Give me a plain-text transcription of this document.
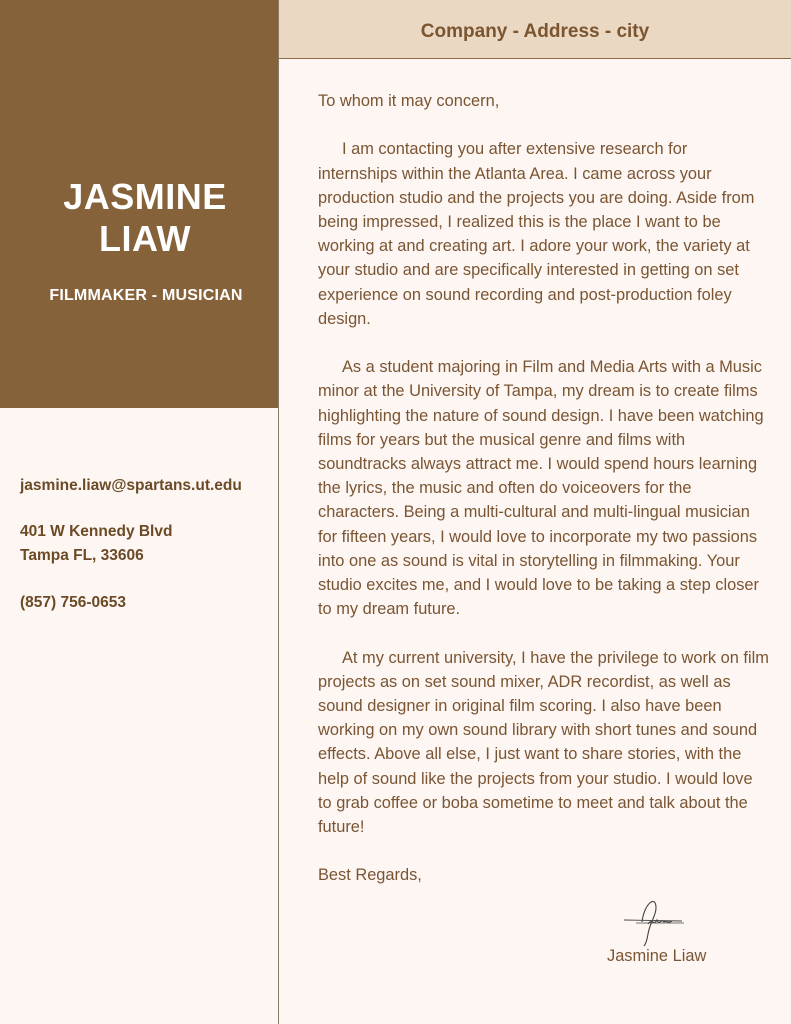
JASMINE
LIAW
FILMMAKER - MUSICIAN
Company - Address - city
jasmine.liaw@spartans.ut.edu
401 W Kennedy Blvd
Tampa FL, 33606
(857) 756-0653

To whom it may concern,

I am contacting you after extensive research for internships within the Atlanta Area. I came across your production studio and the projects you are doing. Aside from being impressed, I realized this is the place I want to be working at and creating art. I adore your work, the variety at your studio and are specifically interested in getting on set experience on sound recording and post-production foley design.

As a student majoring in Film and Media Arts with a Music minor at the University of Tampa, my dream is to create films highlighting the nature of sound design. I have been watching films for years but the musical genre and films with soundtracks always attract me. I would spend hours learning the lyrics, the music and often do voiceovers for the characters. Being a multi-cultural and multi-lingual musician for fifteen years, I would love to incorporate my two passions into one as sound is vital in storytelling in filmmaking. Your studio excites me, and I would love to be taking a step closer to my dream future.

At my current university, I have the privilege to work on film projects as on set sound mixer, ADR recordist, as well as sound designer in original film scoring. I also have been working on my own sound library with short tunes and sound effects. Above all else, I just want to share stories, with the help of sound like the projects from your studio. I would love to grab coffee or boba sometime to meet and talk about the future!

Best Regards,

Jasmine Liaw
